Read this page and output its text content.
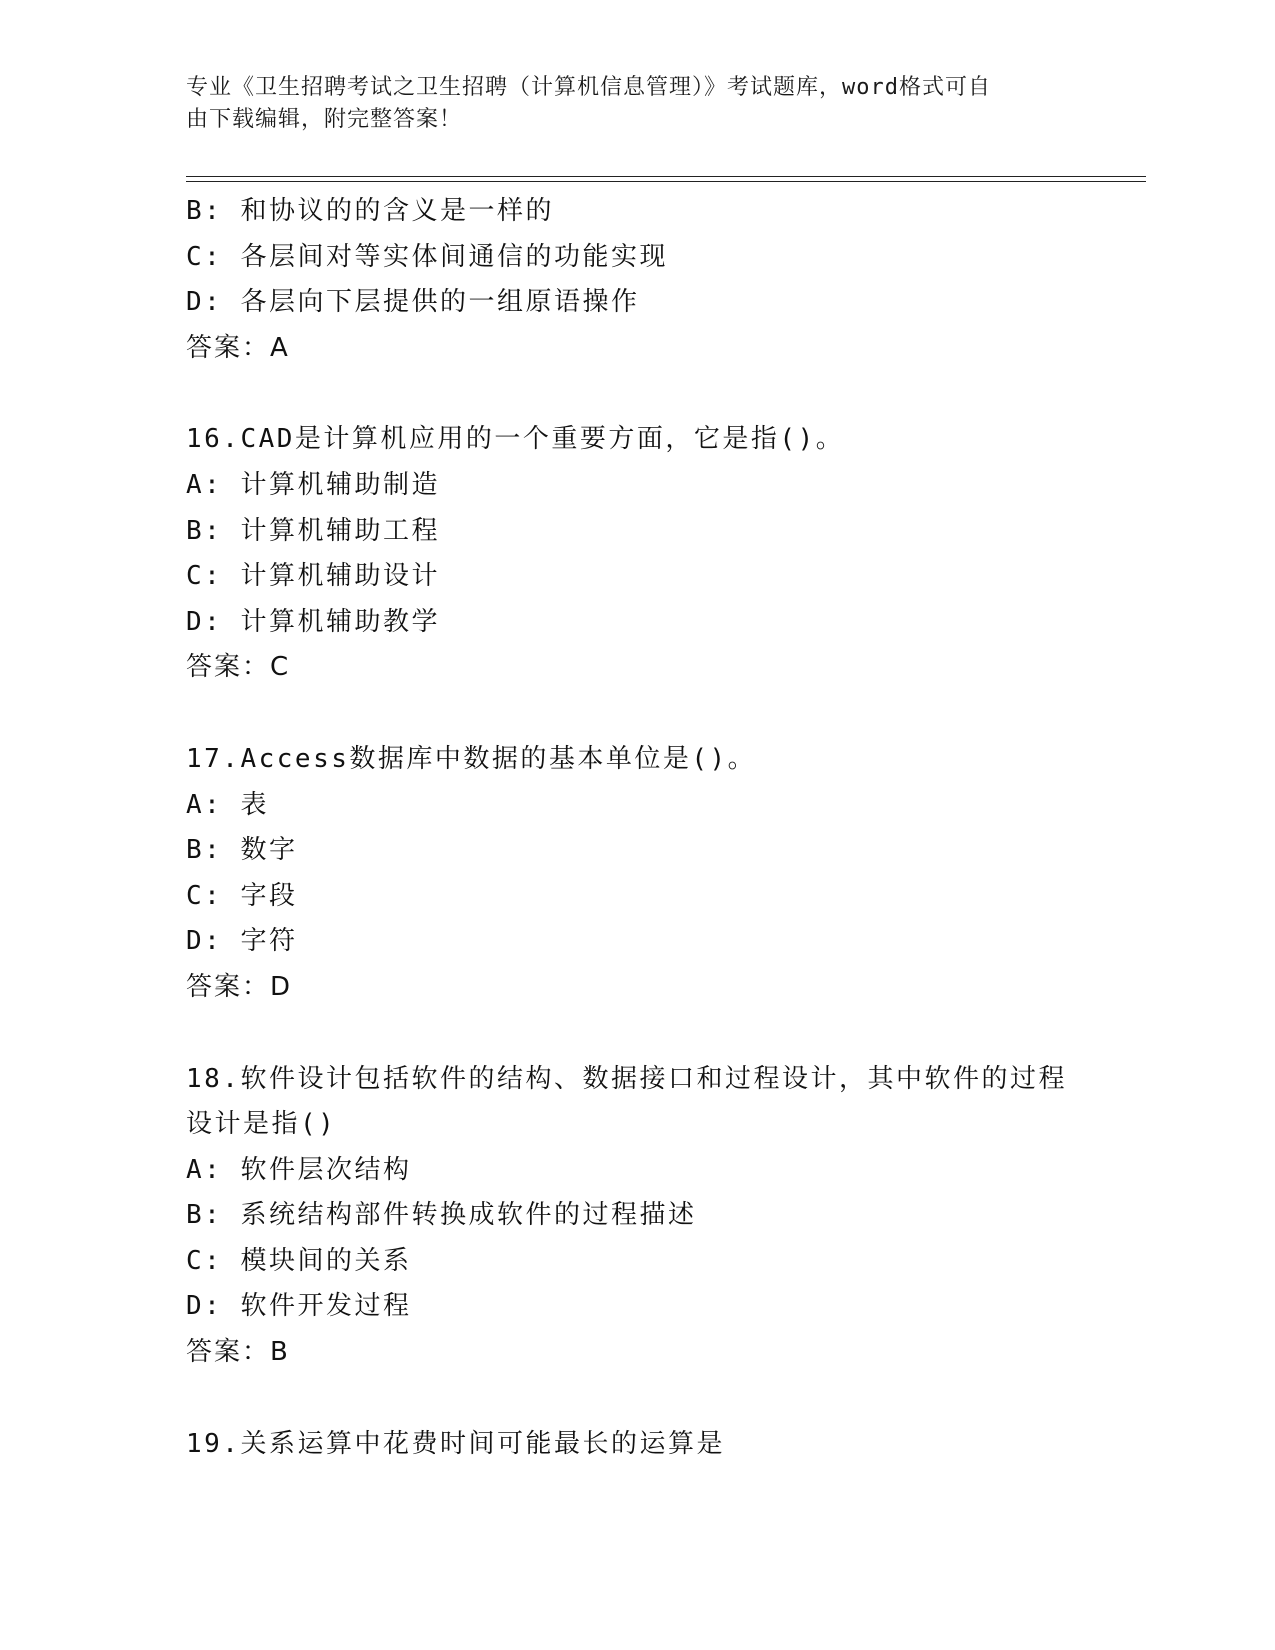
专业《卫生招聘考试之卫生招聘（计算机信息管理）》考试题库，word格式可自
由下载编辑，附完整答案！
B: 和协议的的含义是一样的
C: 各层间对等实体间通信的功能实现
D: 各层向下层提供的一组原语操作
答案：A
16.CAD是计算机应用的一个重要方面，它是指()。
A: 计算机辅助制造
B: 计算机辅助工程
C: 计算机辅助设计
D: 计算机辅助教学
答案：C
17.Access数据库中数据的基本单位是()。
A: 表
B: 数字
C: 字段
D: 字符
答案：D
18.软件设计包括软件的结构、数据接口和过程设计，其中软件的过程
设计是指()
A: 软件层次结构
B: 系统结构部件转换成软件的过程描述
C: 模块间的关系
D: 软件开发过程
答案：B
19.关系运算中花费时间可能最长的运算是
